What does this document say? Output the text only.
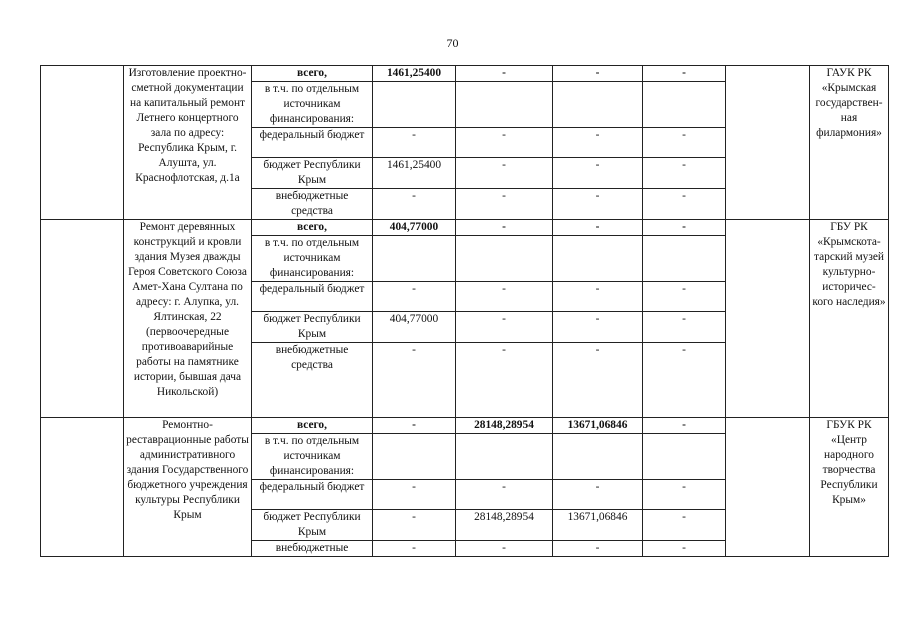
70
	Изготовление проектно-сметной документации на капитальный ремонт Летнего концертного зала по адресу: Республика Крым, г. Алушта, ул. Краснофлотская, д.1а	всего,	1461,25400	-	-	-		ГАУК РК «Крымская государствен-ная филармония»
		в т.ч. по отдельным источникам финансирования:						
		федеральный бюджет	-	-	-	-		
		бюджет Республики Крым	1461,25400	-	-	-		
		внебюджетные средства	-	-	-	-		
	Ремонт деревянных конструкций и кровли здания Музея дважды Героя Советского Союза Амет-Хана Султана по адресу: г. Алупка, ул. Ялтинская, 22 (первоочередные противоаварийные работы на памятнике истории, бывшая дача Никольской)	всего,	404,77000	-	-	-		ГБУ РК «Крымскота-тарский музей культурно-историчес-кого наследия»
		в т.ч. по отдельным источникам финансирования:						
		федеральный бюджет	-	-	-	-		
		бюджет Республики Крым	404,77000	-	-	-		
		внебюджетные средства	-	-	-	-		
	Ремонтно-реставрационные работы административного здания Государственного бюджетного учреждения культуры Республики Крым	всего,	-	28148,28954	13671,06846	-		ГБУК РК «Центр народного творчества Республики Крым»
		в т.ч. по отдельным источникам финансирования:						
		федеральный бюджет	-	-	-	-		
		бюджет Республики Крым	-	28148,28954	13671,06846	-		
		внебюджетные	-	-	-	-		
